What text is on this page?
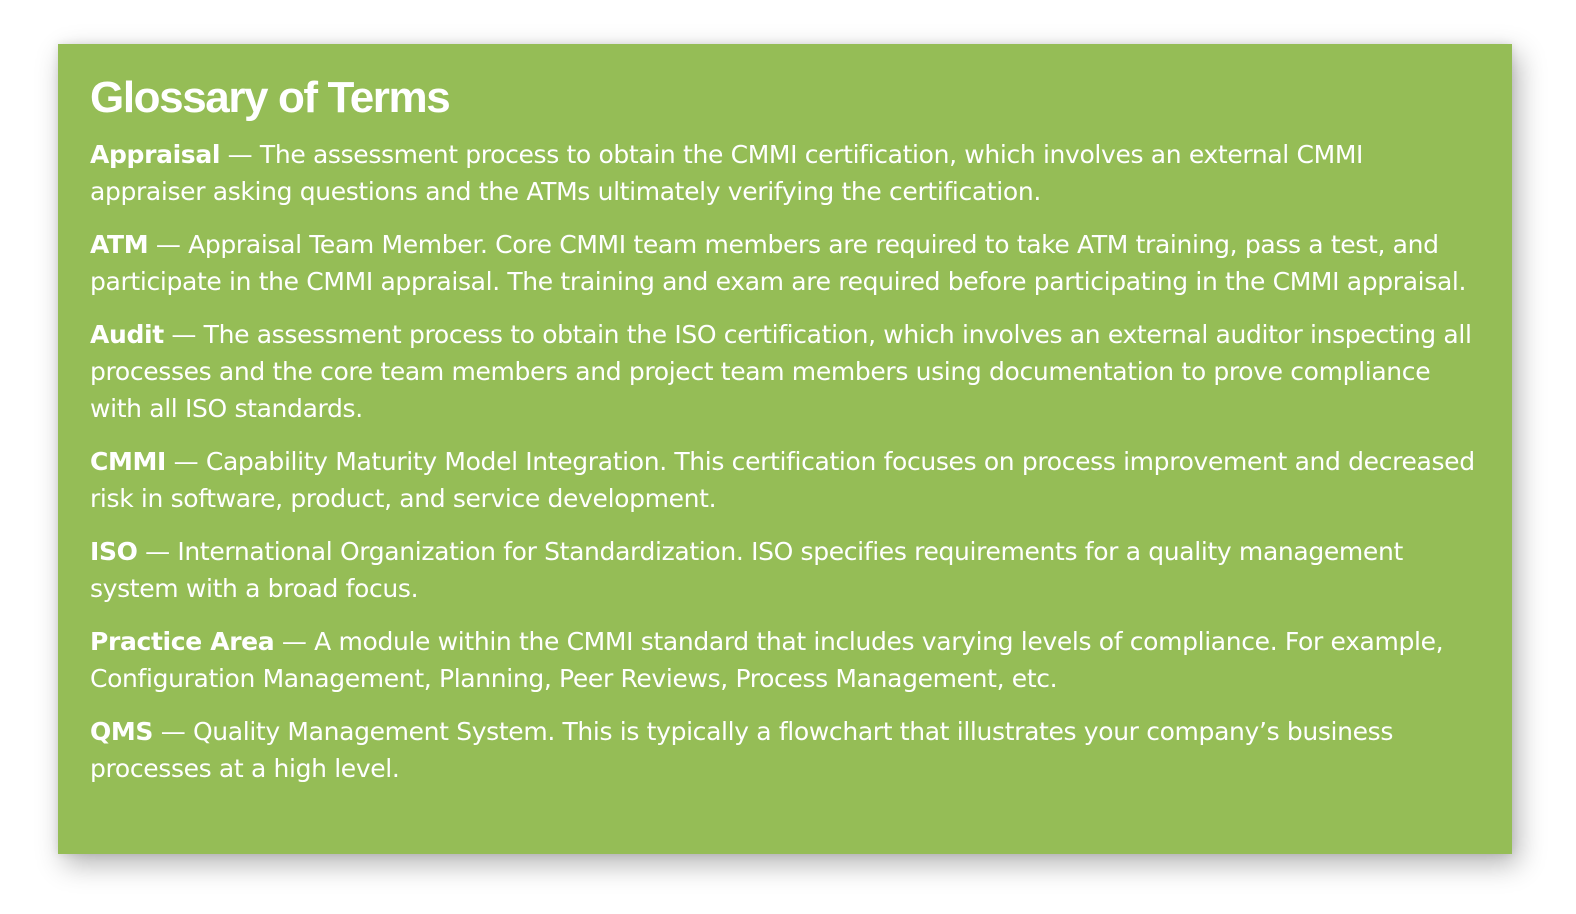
Glossary of Terms
Appraisal — The assessment process to obtain the CMMI certification, which involves an external CMMI appraiser asking questions and the ATMs ultimately verifying the certification.
ATM — Appraisal Team Member. Core CMMI team members are required to take ATM training, pass a test, and participate in the CMMI appraisal. The training and exam are required before participating in the CMMI appraisal.
Audit — The assessment process to obtain the ISO certification, which involves an external auditor inspecting all processes and the core team members and project team members using documentation to prove compliance with all ISO standards.
CMMI — Capability Maturity Model Integration. This certification focuses on process improvement and decreased risk in software, product, and service development.
ISO — International Organization for Standardization. ISO specifies requirements for a quality management system with a broad focus.
Practice Area — A module within the CMMI standard that includes varying levels of compliance. For example, Configuration Management, Planning, Peer Reviews, Process Management, etc.
QMS — Quality Management System. This is typically a flowchart that illustrates your company’s business processes at a high level.
